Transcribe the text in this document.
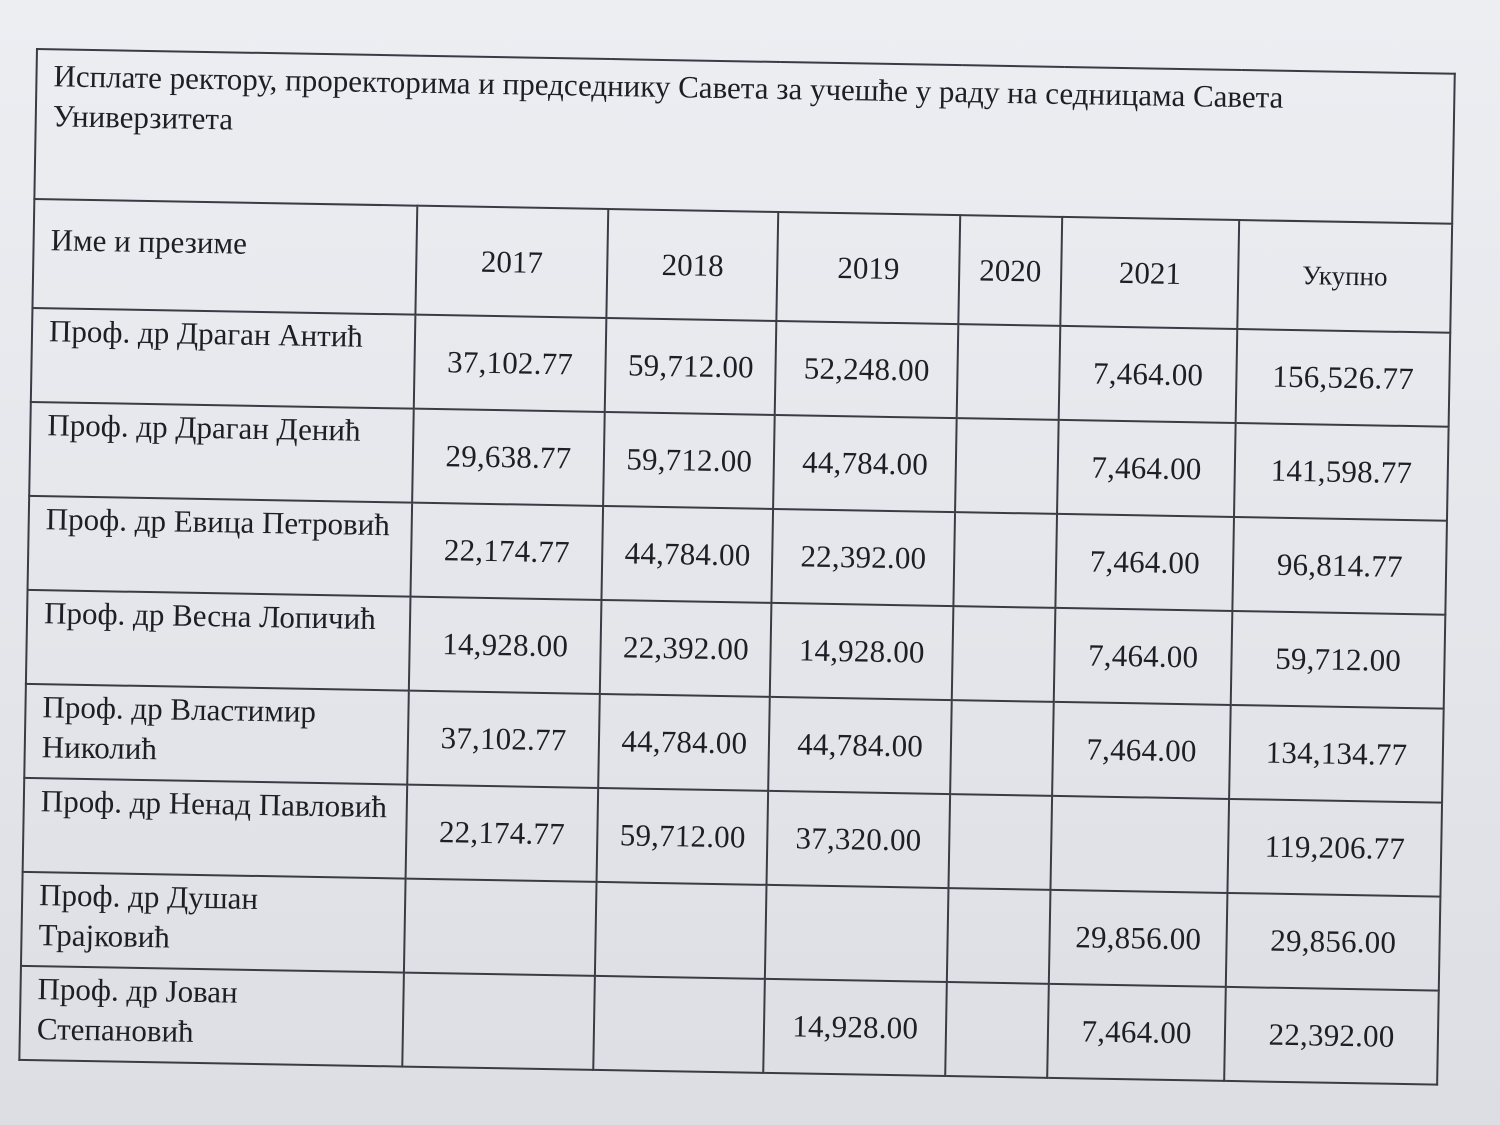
Исплате ректору, проректорима и председнику Савета за учешће у раду на седницама Савета Универзитета						
Име и презиме	2017	2018	2019	2020	2021	Укупно
Проф. др Драган Антић	37,102.77	59,712.00	52,248.00		7,464.00	156,526.77
Проф. др Драган Денић	29,638.77	59,712.00	44,784.00		7,464.00	141,598.77
Проф. др Евица Петровић	22,174.77	44,784.00	22,392.00		7,464.00	96,814.77
Проф. др Весна Лопичић	14,928.00	22,392.00	14,928.00		7,464.00	59,712.00
Проф. др Властимир Николић	37,102.77	44,784.00	44,784.00		7,464.00	134,134.77
Проф. др Ненад Павловић	22,174.77	59,712.00	37,320.00			119,206.77
Проф. др Душан Трајковић					29,856.00	29,856.00
Проф. др Јован Степановић			14,928.00		7,464.00	22,392.00
